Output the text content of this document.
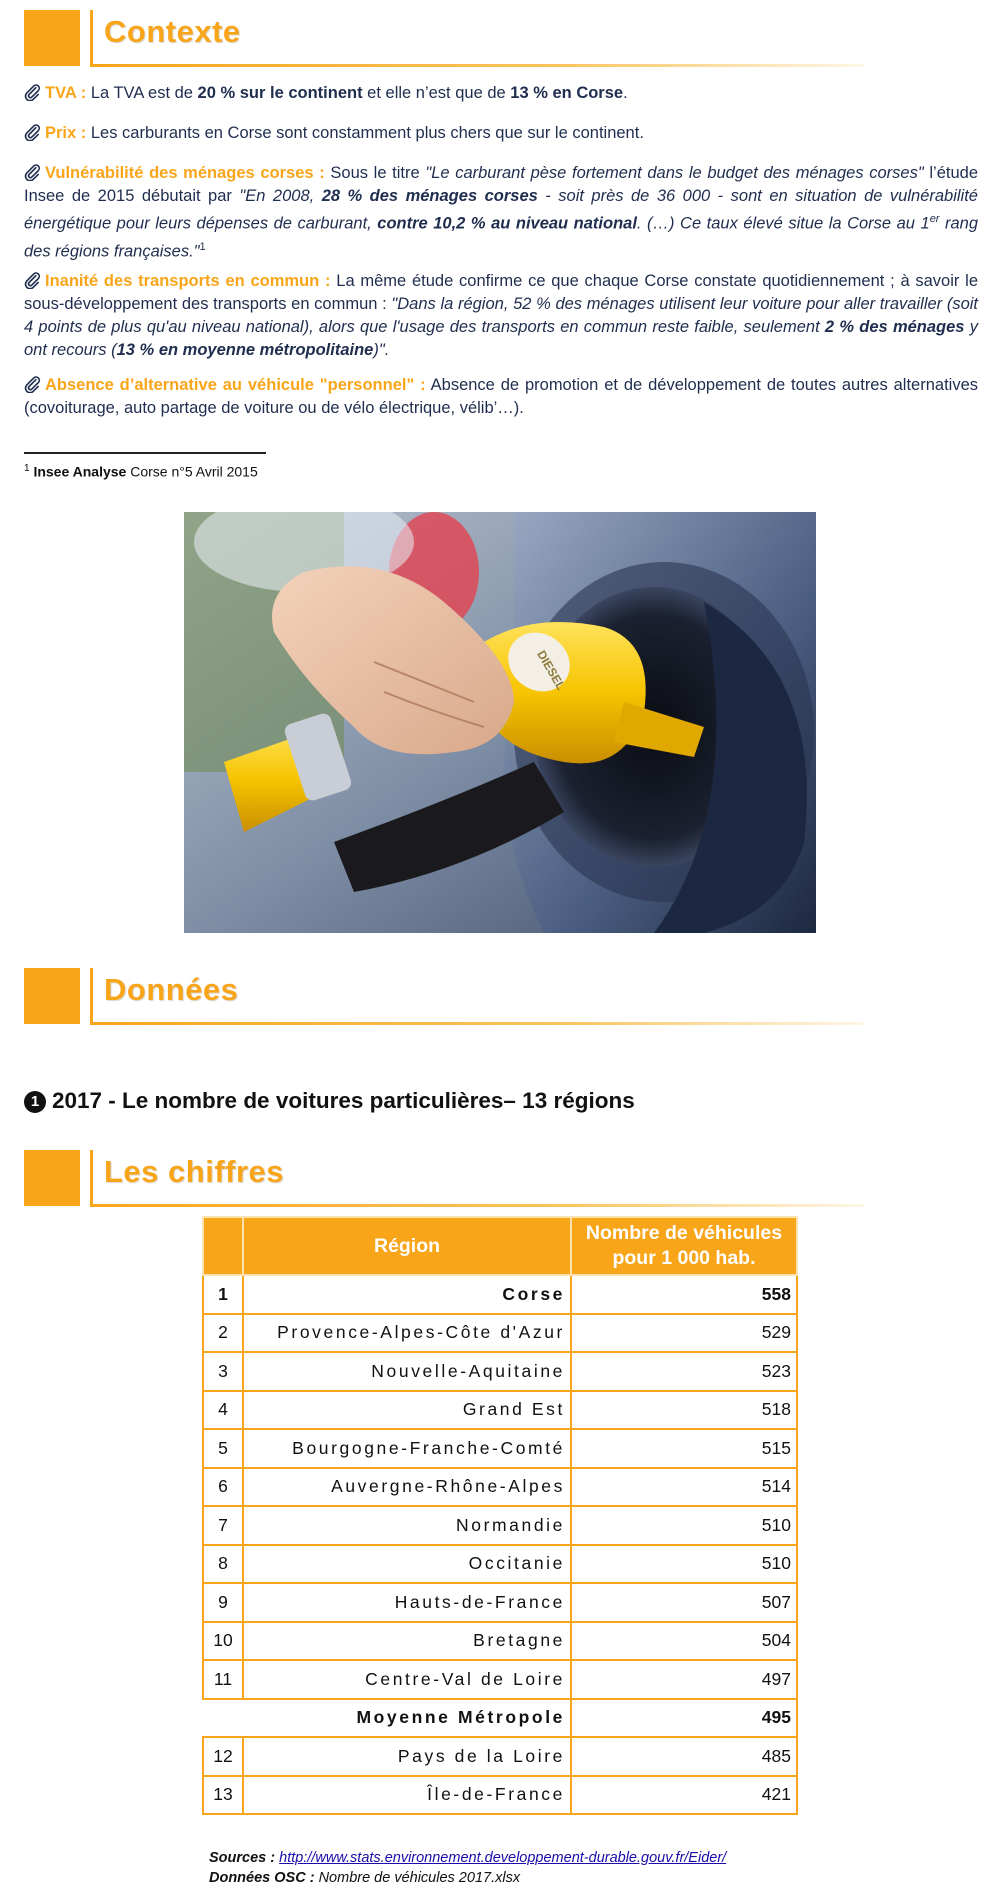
Contexte
TVA : La TVA est de 20 % sur le continent et elle n’est que de 13 % en Corse.
Prix : Les carburants en Corse sont constamment plus chers que sur le continent.
Vulnérabilité des ménages corses : Sous le titre "Le carburant pèse fortement dans le budget des ménages corses" l’étude Insee de 2015 débutait par "En 2008, 28 % des ménages corses - soit près de 36 000 - sont en situation de vulnérabilité énergétique pour leurs dépenses de carburant, contre 10,2 % au niveau national. (…) Ce taux élevé situe la Corse au 1er rang des régions françaises."$^1$
Inanité des transports en commun : La même étude confirme ce que chaque Corse constate quotidiennement ; à savoir le sous-développement des transports en commun : "Dans la région, 52 % des ménages utilisent leur voiture pour aller travailler (soit 4 points de plus qu'au niveau national), alors que l'usage des transports en commun reste faible, seulement 2 % des ménages y ont recours (13 % en moyenne métropolitaine)".
Absence d’alternative au véhicule "personnel" : Absence de promotion et de développement de toutes autres alternatives (covoiturage, auto partage de voiture ou de vélo électrique, vélib’…).
$^1$ Insee Analyse Corse n°5 Avril 2015
DIESEL
Données
1 2017 - Le nombre de voitures particulières– 13 régions
Les chiffres
	Région	Nombre de véhicules pour 1 000 hab.
1	Corse	558
2	Provence-Alpes-Côte d'Azur	529
3	Nouvelle-Aquitaine	523
4	Grand Est	518
5	Bourgogne-Franche-Comté	515
6	Auvergne-Rhône-Alpes	514
7	Normandie	510
8	Occitanie	510
9	Hauts-de-France	507
10	Bretagne	504
11	Centre-Val de Loire	497
	Moyenne Métropole	495
12	Pays de la Loire	485
13	Île-de-France	421
Sources : http://www.stats.environnement.developpement-durable.gouv.fr/Eider/
Données OSC : Nombre de véhicules 2017.xlsx
